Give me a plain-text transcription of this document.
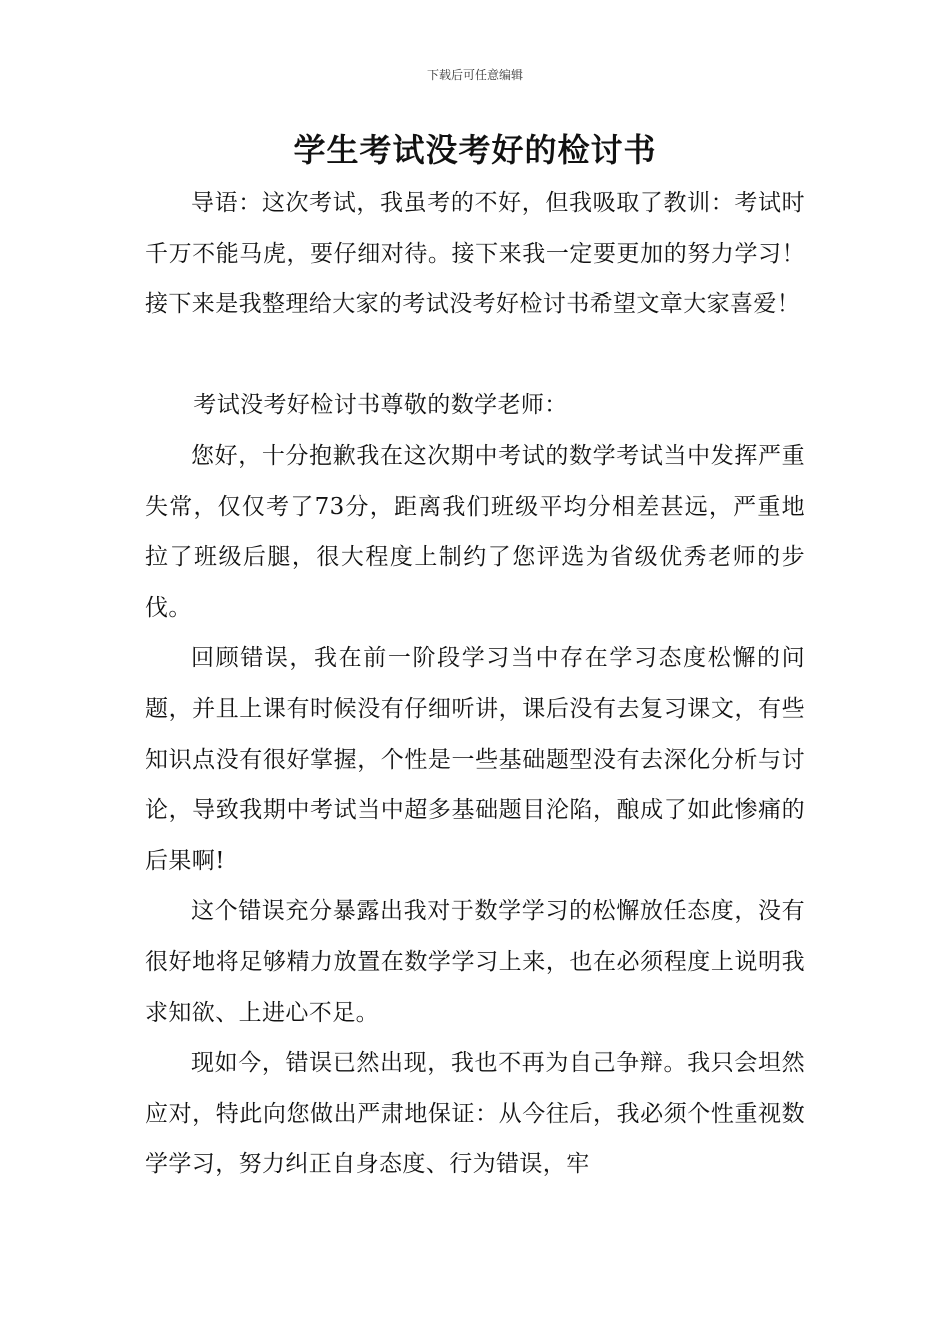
下载后可任意编辑
学生考试没考好的检讨书

导语：这次考试，我虽考的不好，但我吸取了教训：考试时千万不能马虎，要仔细对待。接下来我一定要更加的努力学习！接下来是我整理给大家的考试没考好检讨书希望文章大家喜爱！

考试没考好检讨书尊敬的数学老师：

您好，十分抱歉我在这次期中考试的数学考试当中发挥严重失常，仅仅考了73分，距离我们班级平均分相差甚远，严重地拉了班级后腿，很大程度上制约了您评选为省级优秀老师的步伐。

回顾错误，我在前一阶段学习当中存在学习态度松懈的问题，并且上课有时候没有仔细听讲，课后没有去复习课文，有些知识点没有很好掌握，个性是一些基础题型没有去深化分析与讨论，导致我期中考试当中超多基础题目沦陷，酿成了如此惨痛的后果啊!

这个错误充分暴露出我对于数学学习的松懈放任态度，没有很好地将足够精力放置在数学学习上来，也在必须程度上说明我求知欲、上进心不足。

现如今，错误已然出现，我也不再为自己争辩。我只会坦然应对，特此向您做出严肃地保证：从今往后，我必须个性重视数学学习，努力纠正自身态度、行为错误，牢
